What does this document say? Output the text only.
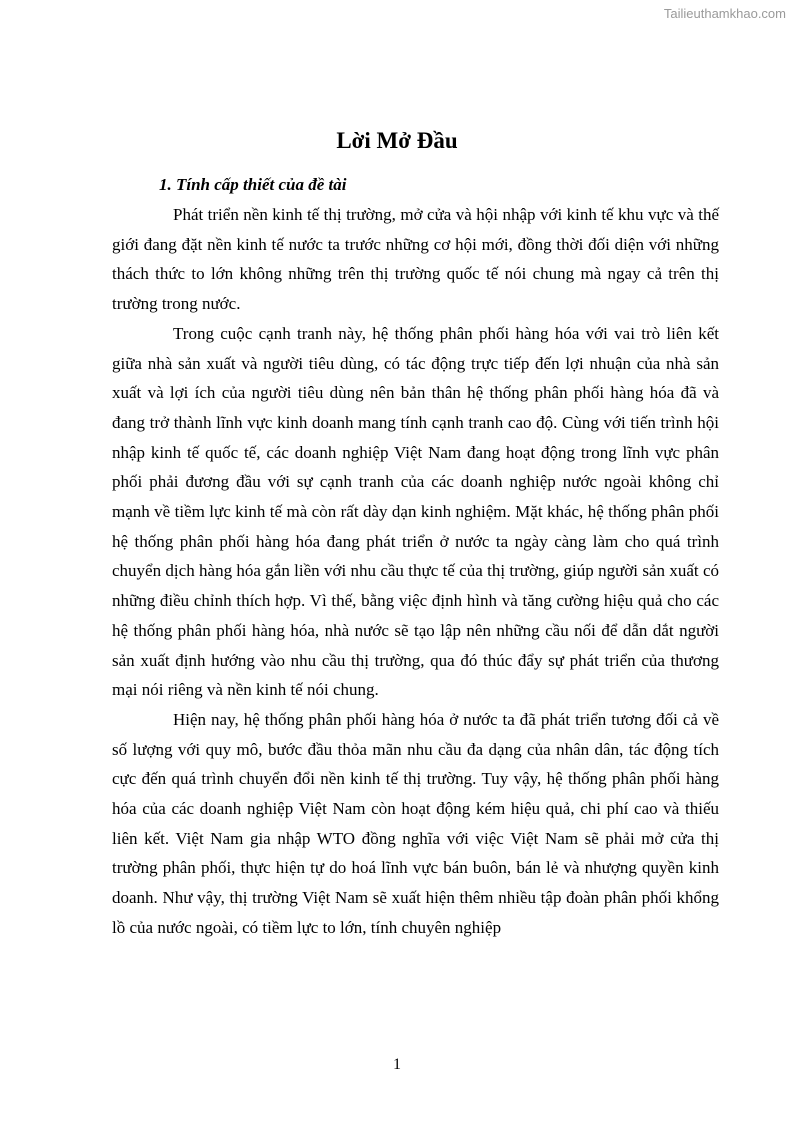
Tailieuthamkhao.com
Lời Mở Đầu
1. Tính cấp thiết của đề tài

Phát triển nền kinh tế thị trường, mở cửa và hội nhập với kinh tế khu vực và thế giới đang đặt nền kinh tế nước ta trước những cơ hội mới, đồng thời đối diện với những thách thức to lớn không những trên thị trường quốc tế nói chung mà ngay cả trên thị trường trong nước.

Trong cuộc cạnh tranh này, hệ thống phân phối hàng hóa với vai trò liên kết giữa nhà sản xuất và người tiêu dùng, có tác động trực tiếp đến lợi nhuận của nhà sản xuất và lợi ích của người tiêu dùng nên bản thân hệ thống phân phối hàng hóa đã và đang trở thành lĩnh vực kinh doanh mang tính cạnh tranh cao độ. Cùng với tiến trình hội nhập kinh tế quốc tế, các doanh nghiệp Việt Nam đang hoạt động trong lĩnh vực phân phối phải đương đầu với sự cạnh tranh của các doanh nghiệp nước ngoài không chỉ mạnh về tiềm lực kinh tế mà còn rất dày dạn kinh nghiệm. Mặt khác, hệ thống phân phối hệ thống phân phối hàng hóa đang phát triển ở nước ta ngày càng làm cho quá trình chuyển dịch hàng hóa gắn liền với nhu cầu thực tế của thị trường, giúp người sản xuất có những điều chỉnh thích hợp. Vì thế, bằng việc định hình và tăng cường hiệu quả cho các hệ thống phân phối hàng hóa, nhà nước sẽ tạo lập nên những cầu nối để dẫn dắt người sản xuất định hướng vào nhu cầu thị trường, qua đó thúc đẩy sự phát triển của thương mại nói riêng và nền kinh tế nói chung.

Hiện nay, hệ thống phân phối hàng hóa ở nước ta đã phát triển tương đối cả về số lượng với quy mô, bước đầu thỏa mãn nhu cầu đa dạng của nhân dân, tác động tích cực đến quá trình chuyển đổi nền kinh tế thị trường. Tuy vậy, hệ thống phân phối hàng hóa của các doanh nghiệp Việt Nam còn hoạt động kém hiệu quả, chi phí cao và thiếu liên kết. Việt Nam gia nhập WTO đồng nghĩa với việc Việt Nam sẽ phải mở cửa thị trường phân phối, thực hiện tự do hoá lĩnh vực bán buôn, bán lẻ và nhượng quyền kinh doanh. Như vậy, thị trường Việt Nam sẽ xuất hiện thêm nhiều tập đoàn phân phối khổng lồ của nước ngoài, có tiềm lực to lớn, tính chuyên nghiệp

1
